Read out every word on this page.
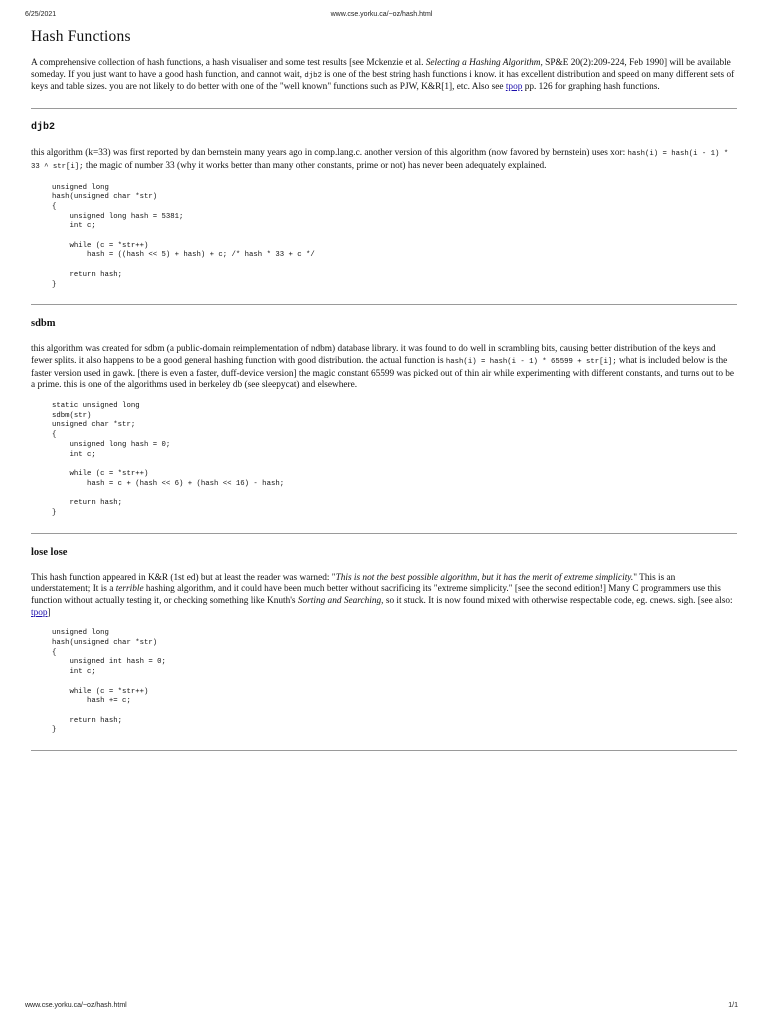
6/25/2021	www.cse.yorku.ca/~oz/hash.html
Hash Functions

A comprehensive collection of hash functions, a hash visualiser and some test results [see Mckenzie et al. Selecting a Hashing Algorithm, SP&E 20(2):209-224, Feb 1990] will be available someday. If you just want to have a good hash function, and cannot wait, djb2 is one of the best string hash functions i know. it has excellent distribution and speed on many different sets of keys and table sizes. you are not likely to do better with one of the "well known" functions such as PJW, K&R[1], etc. Also see tpop pp. 126 for graphing hash functions.

djb2

this algorithm (k=33) was first reported by dan bernstein many years ago in comp.lang.c. another version of this algorithm (now favored by bernstein) uses xor: hash(i) = hash(i - 1) * 33 ^ str[i]; the magic of number 33 (why it works better than many other constants, prime or not) has never been adequately explained.

unsigned long
hash(unsigned char *str)
{
unsigned long hash = 5381;
int c;

while (c = *str++)
hash = ((hash << 5) + hash) + c; /* hash * 33 + c */

return hash;
}
sdbm

this algorithm was created for sdbm (a public-domain reimplementation of ndbm) database library. it was found to do well in scrambling bits, causing better distribution of the keys and fewer splits. it also happens to be a good general hashing function with good distribution. the actual function is hash(i) = hash(i - 1) * 65599 + str[i]; what is included below is the faster version used in gawk. [there is even a faster, duff-device version] the magic constant 65599 was picked out of thin air while experimenting with different constants, and turns out to be a prime. this is one of the algorithms used in berkeley db (see sleepycat) and elsewhere.

static unsigned long
sdbm(str)
unsigned char *str;
{
unsigned long hash = 0;
int c;

while (c = *str++)
hash = c + (hash << 6) + (hash << 16) - hash;

return hash;
}
lose lose

This hash function appeared in K&R (1st ed) but at least the reader was warned: "This is not the best possible algorithm, but it has the merit of extreme simplicity." This is an understatement; It is a terrible hashing algorithm, and it could have been much better without sacrificing its "extreme simplicity." [see the second edition!] Many C programmers use this function without actually testing it, or checking something like Knuth's Sorting and Searching, so it stuck. It is now found mixed with otherwise respectable code, eg. cnews. sigh. [see also: tpop]

unsigned long
hash(unsigned char *str)
{
unsigned int hash = 0;
int c;

while (c = *str++)
hash += c;

return hash;
}
www.cse.yorku.ca/~oz/hash.html	1/1
